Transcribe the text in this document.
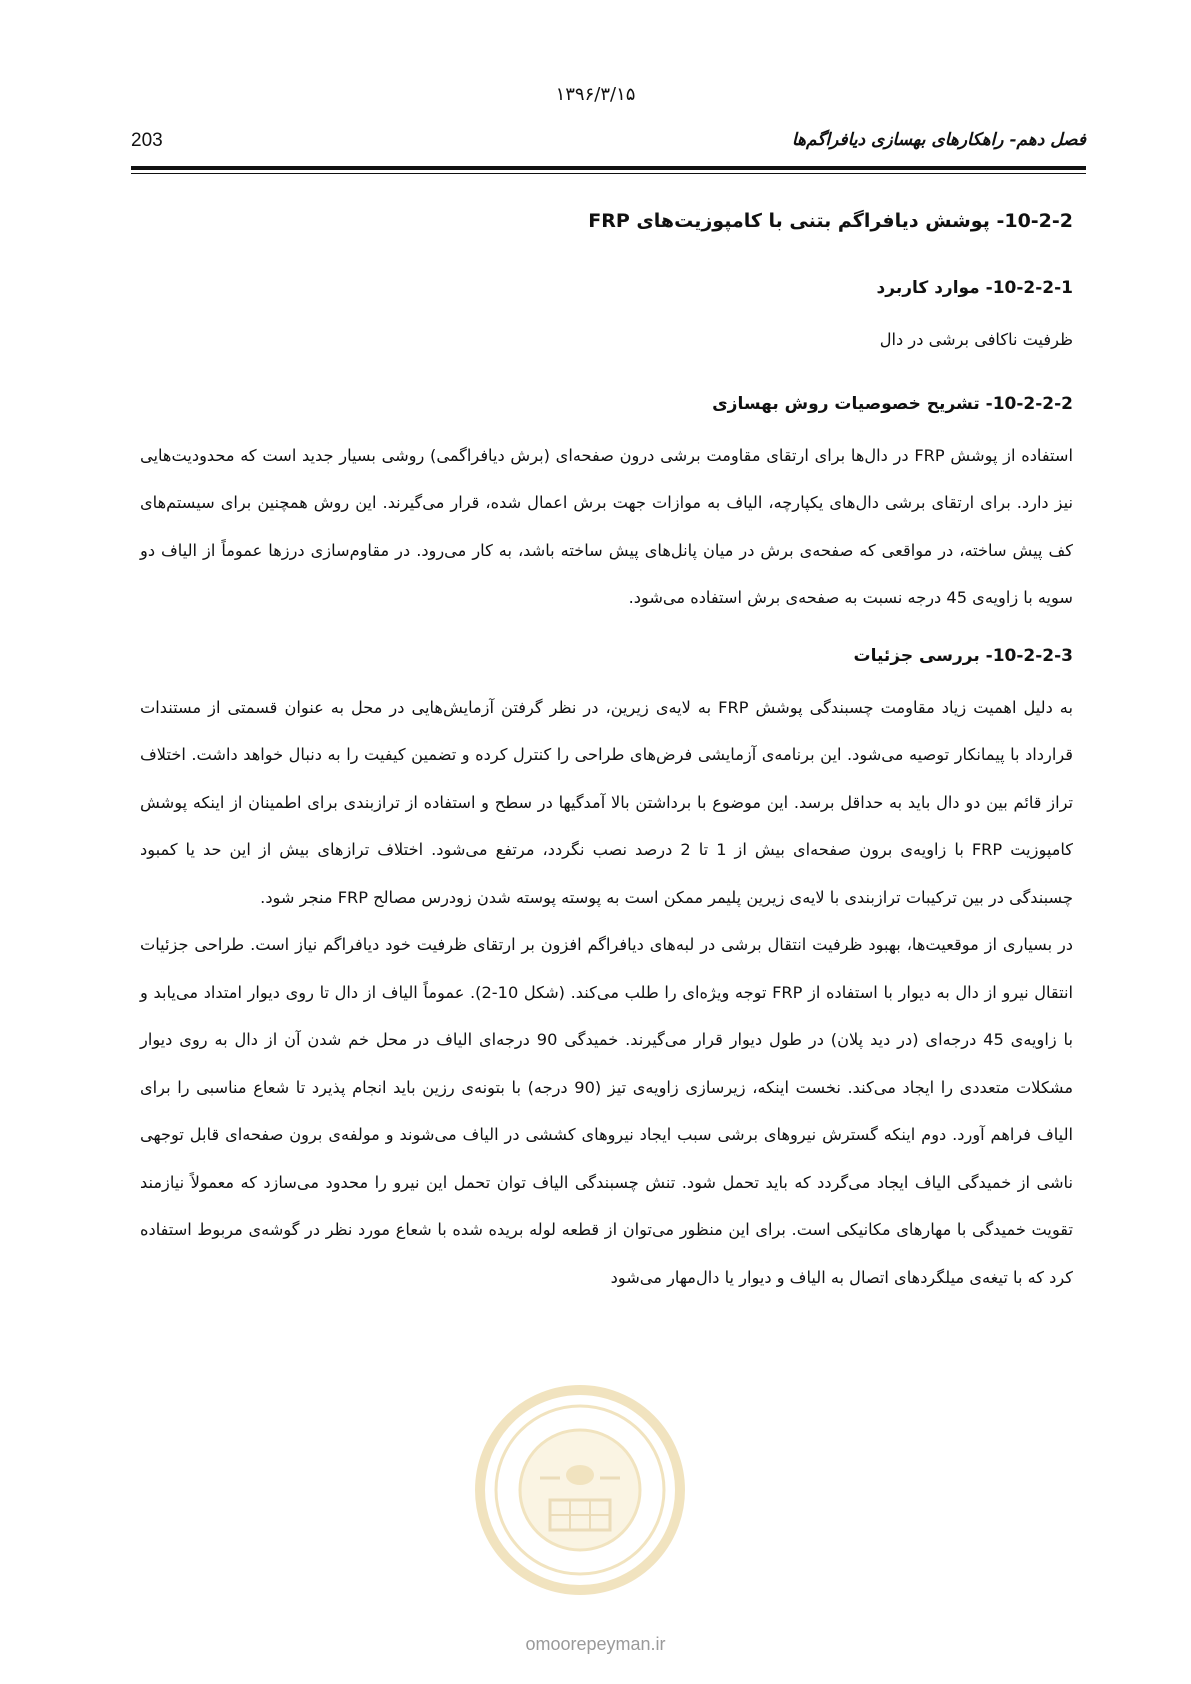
۱۳۹۶/۳/۱۵
فصل دهم- راهکارهای بهسازی دیافراگم‌ها
203
10-2-2- پوشش دیافراگم بتنی با کامپوزیت‌های FRP
10-2-2-1- موارد کاربرد

ظرفیت ناکافی برشی در دال

10-2-2-2- تشریح خصوصیات روش بهسازی

استفاده از پوشش FRP در دال‌ها برای ارتقای مقاومت برشی درون صفحه‌ای (برش دیافراگمی) روشی بسیار جدید است که محدودیت‌هایی نیز دارد. برای ارتقای برشی دال‌های یکپارچه، الیاف به موازات جهت برش اعمال شده، قرار می‌گیرند. این روش همچنین برای سیستم‌های کف پیش ساخته، در مواقعی که صفحه‌ی برش در میان پانل‌های پیش ساخته باشد، به کار می‌رود. در مقاوم‌سازی درزها عموماً از الیاف دو سویه با زاویه‌ی 45 درجه نسبت به صفحه‌ی برش استفاده می‌شود.

10-2-2-3- بررسی جزئیات

به دلیل اهمیت زیاد مقاومت چسبندگی پوشش FRP به لایه‌ی زیرین، در نظر گرفتن آزمایش‌هایی در محل به عنوان قسمتی از مستندات قرارداد با پیمانکار توصیه می‌شود. این برنامه‌ی آزمایشی فرض‌های طراحی را کنترل کرده و تضمین کیفیت را به دنبال خواهد داشت. اختلاف تراز قائم بین دو دال باید به حداقل برسد. این موضوع با برداشتن بالا آمدگیها در سطح و استفاده از ترازبندی برای اطمینان از اینکه پوشش کامپوزیت FRP با زاویه‌ی برون صفحه‌ای بیش از 1 تا 2 درصد نصب نگردد، مرتفع می‌شود. اختلاف ترازهای بیش از این حد یا کمبود چسبندگی در بین ترکیبات ترازبندی با لایه‌ی زیرین پلیمر ممکن است به پوسته پوسته شدن زودرس مصالح FRP منجر شود.

در بسیاری از موقعیت‌ها، بهبود ظرفیت انتقال برشی در لبه‌های دیافراگم افزون بر ارتقای ظرفیت خود دیافراگم نیاز است. طراحی جزئیات انتقال نیرو از دال به دیوار با استفاده از FRP توجه ویژه‌ای را طلب می‌کند. (شکل 10-2). عموماً الیاف از دال تا روی دیوار امتداد می‌یابد و با زاویه‌ی 45 درجه‌ای (در دید پلان) در طول دیوار قرار می‌گیرند. خمیدگی 90 درجه‌ای الیاف در محل خم شدن آن از دال به روی دیوار مشکلات متعددی را ایجاد می‌کند. نخست اینکه، زیرسازی زاویه‌ی تیز (90 درجه) با بتونه‌ی رزین باید انجام پذیرد تا شعاع مناسبی را برای الیاف فراهم آورد. دوم اینکه گسترش نیروهای برشی سبب ایجاد نیروهای کششی در الیاف می‌شوند و مولفه‌ی برون صفحه‌ای قابل توجهی ناشی از خمیدگی الیاف ایجاد می‌گردد که باید تحمل شود. تنش چسبندگی الیاف توان تحمل این نیرو را محدود می‌سازد که معمولاً نیازمند تقویت خمیدگی با مهارهای مکانیکی است. برای این منظور می‌توان از قطعه لوله بریده شده با شعاع مورد نظر در گوشه‌ی مربوط استفاده کرد که با تیغه‌ی میلگردهای اتصال به الیاف و دیوار یا دال‌مهار می‌شود

omoorepeyman.ir
